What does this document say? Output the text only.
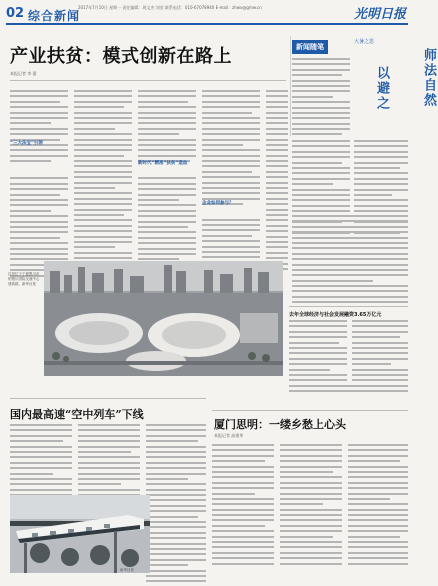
02 综合新闻
2017年7月10日 星期一 责任编辑：周文杰 刘奕 联系电话：010-67078940 E-mail：zhwx@gmw.cn	光明日报
产业扶贫：模式创新在路上
本报记者 李 蕾
“三大法宝”引领
新时代“精准”扶贫“造血”
企业如何参与？
新闻随笔
大暑之思
师法自然
以避之
这是位于宁夏银川市的银川国际交流中心建筑群。新华社发
去年全球经济与社会发展融资3.65万亿元
国内最高速“空中列车”下线
新华社发
厦门思明：一缕乡愁上心头
本报记者 高建华
